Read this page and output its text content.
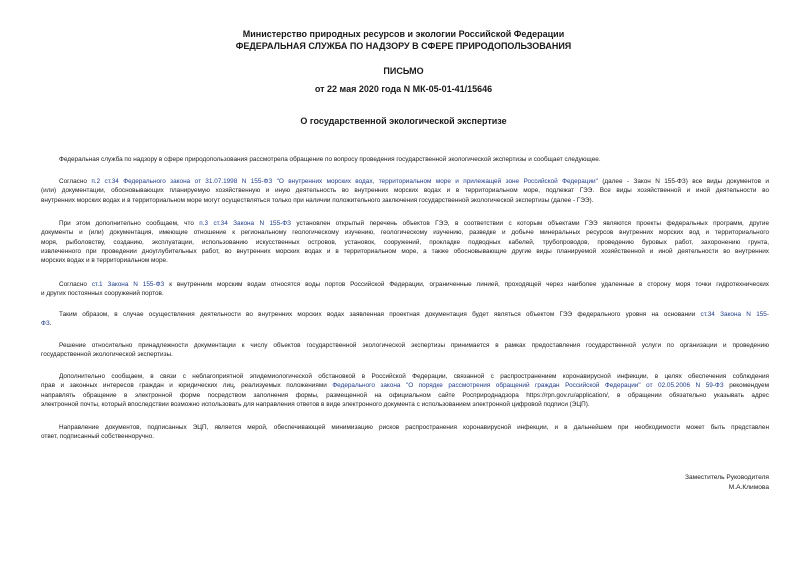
Министерство природных ресурсов и экологии Российской Федерации
ФЕДЕРАЛЬНАЯ СЛУЖБА ПО НАДЗОРУ В СФЕРЕ ПРИРОДОПОЛЬЗОВАНИЯ
ПИСЬМО
от 22 мая 2020 года N МК-05-01-41/15646
О государственной экологической экспертизе
Федеральная служба по надзору в сфере природопользования рассмотрела обращение по вопросу проведения государственной экологической экспертизы и сообщает следующее.
Согласно п.2 ст.34 Федерального закона от 31.07.1998 N 155-ФЗ "О внутренних морских водах, территориальном море и прилежащей зоне Российской Федерации" (далее - Закон N 155-ФЗ) все виды документов и
(или) документации, обосновывающих планируемую хозяйственную и иную деятельность во внутренних морских водах и в территориальном море, подлежат ГЭЭ. Все виды хозяйственной и иной деятельности во
внутренних морских водах и в территориальном море могут осуществляться только при наличии положительного заключения государственной экологической экспертизы (далее - ГЭЭ).
При этом дополнительно сообщаем, что п.3 ст.34 Закона N 155-ФЗ установлен открытый перечень объектов ГЭЭ, в соответствии с которым объектами ГЭЭ являются проекты федеральных программ, другие
документы и (или) документация, имеющие отношение к региональному геологическому изучению, геологическому изучению, разведке и добыче минеральных ресурсов внутренних морских вод и территориального
моря, рыболовству, созданию, эксплуатации, использованию искусственных островов, установок, сооружений, прокладке подводных кабелей, трубопроводов, проведению буровых работ, захоронению грунта,
извлеченного при проведении дноуглубительных работ, во внутренних морских водах и в территориальном море, а также обосновывающие другие виды планируемой хозяйственной и иной деятельности во внутренних
морских водах и в территориальном море.
Согласно ст.1 Закона N 155-ФЗ к внутренним морским водам относятся воды портов Российской Федерации, ограниченные линией, проходящей через наиболее удаленные в сторону моря точки гидротехнических
и других постоянных сооружений портов.
Таким образом, в случае осуществления деятельности во внутренних морских водах заявленная проектная документация будет являться объектом ГЭЭ федерального уровня на основании ст.34 Закона N 155-
ФЗ.
Решение относительно принадлежности документации к числу объектов государственной экологической экспертизы принимается в рамках предоставления государственной услуги по организации и проведению
государственной экологической экспертизы.
Дополнительно сообщаем, в связи с неблагоприятной эпидемиологической обстановкой в Российской Федерации, связанной с распространением коронавирусной инфекции, в целях обеспечения соблюдения
прав и законных интересов граждан и юридических лиц, реализуемых положениями Федерального закона "О порядке рассмотрения обращений граждан Российской Федерации" от 02.05.2006 N 59-ФЗ рекомендуем
направлять обращение в электронной форме посредством заполнения формы, размещенной на официальном сайте Росприроднадзора https://rpn.gov.ru/application/, в обращении обязательно указывать адрес
электронной почты, который впоследствии возможно использовать для направления ответов в виде электронного документа с использованием электронной цифровой подписи (ЭЦП).
Направление документов, подписанных ЭЦП, является мерой, обеспечивающей минимизацию рисков распространения коронавирусной инфекции, и в дальнейшем при необходимости может быть представлен
ответ, подписанный собственноручно.
Заместитель Руководителя
М.А.Климова
